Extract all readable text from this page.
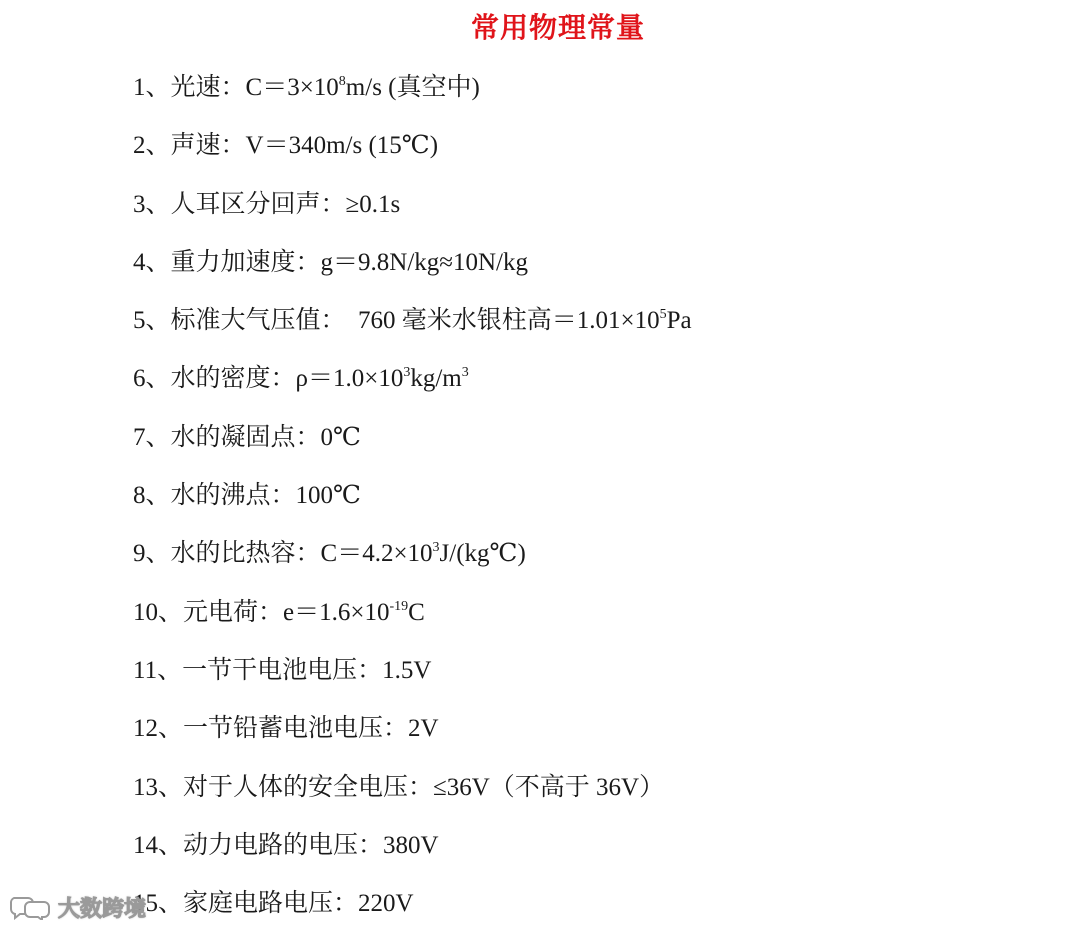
常用物理常量
1、光速：$C=3\times 10^8m/s$ (真空中)
2、声速：V＝340m/s (15℃)
3、人耳区分回声：≥0.1s
4、重力加速度：g＝9.8N/kg≈10N/kg
5、标准大气压值：  760 毫米水银柱高$=1.01\times 10^5Pa$
6、水的密度：$\rho=1.0\times 10^3kg/m^3$
7、水的凝固点：0℃
8、水的沸点：100℃
9、水的比热容：$C=4.2\times 10^3J/(kg℃)$
10、元电荷：$e=1.6\times 10^{-19}C$
11、一节干电池电压：1.5V
12、一节铅蓄电池电压：2V
13、对于人体的安全电压：≤36V（不高于 36V）
14、动力电路的电压：380V
15、家庭电路电压：220V
大数跨境
